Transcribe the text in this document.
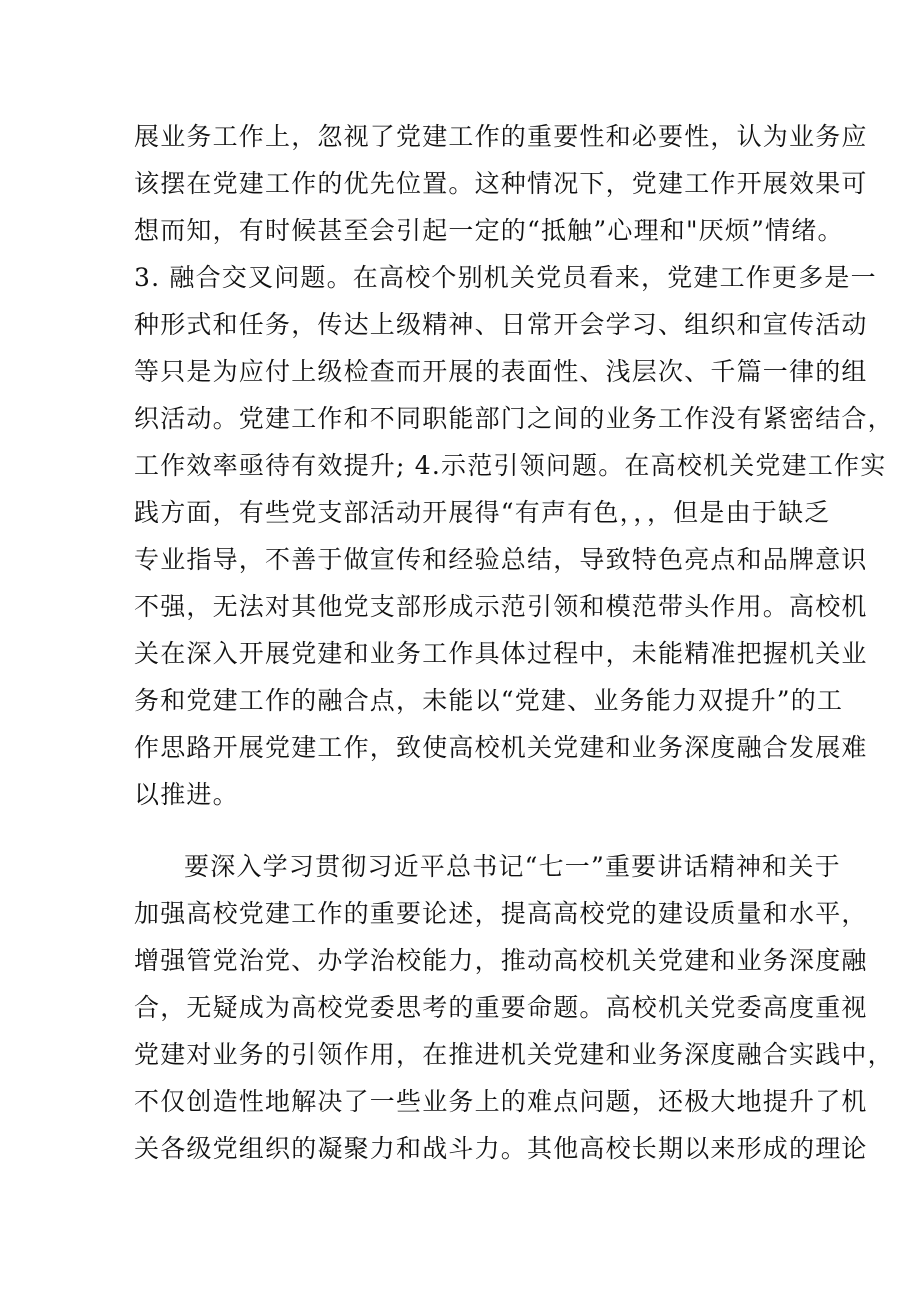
展业务工作上，忽视了党建工作的重要性和必要性，认为业务应
该摆在党建工作的优先位置。这种情况下，党建工作开展效果可
想而知，有时候甚至会引起一定的“抵触”心理和"厌烦”情绪。
3. 融合交叉问题。在高校个别机关党员看来，党建工作更多是一
种形式和任务，传达上级精神、日常开会学习、组织和宣传活动
等只是为应付上级检查而开展的表面性、浅层次、千篇一律的组
织活动。党建工作和不同职能部门之间的业务工作没有紧密结合，
工作效率亟待有效提升; 4.示范引领问题。在高校机关党建工作实
践方面，有些党支部活动开展得“有声有色，，，但是由于缺乏
专业指导，不善于做宣传和经验总结，导致特色亮点和品牌意识
不强，无法对其他党支部形成示范引领和模范带头作用。高校机
关在深入开展党建和业务工作具体过程中，未能精准把握机关业
务和党建工作的融合点，未能以“党建、业务能力双提升”的工
作思路开展党建工作，致使高校机关党建和业务深度融合发展难
以推进。
要深入学习贯彻习近平总书记“七一”重要讲话精神和关于
加强高校党建工作的重要论述，提高高校党的建设质量和水平，
增强管党治党、办学治校能力，推动高校机关党建和业务深度融
合，无疑成为高校党委思考的重要命题。高校机关党委高度重视
党建对业务的引领作用，在推进机关党建和业务深度融合实践中，
不仅创造性地解决了一些业务上的难点问题，还极大地提升了机
关各级党组织的凝聚力和战斗力。其他高校长期以来形成的理论
